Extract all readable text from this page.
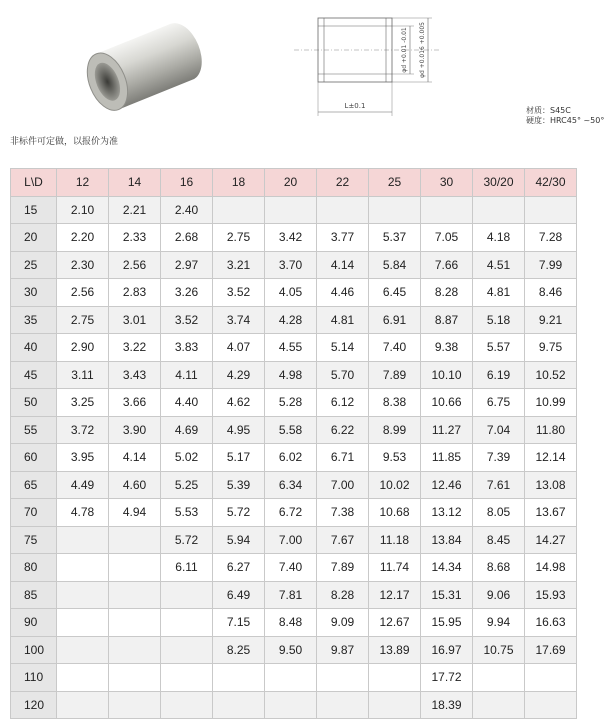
非标件可定做，以报价为准
φd +0.01 -0.01 φd +0.016 +0.005
L±0.1	材质：S45C
硬度：HRC45° ~50°
L\D	12	14	16	18	20	22	25	30	30/20	42/30
15	2.10	2.21	2.40							
20	2.20	2.33	2.68	2.75	3.42	3.77	5.37	7.05	4.18	7.28
25	2.30	2.56	2.97	3.21	3.70	4.14	5.84	7.66	4.51	7.99
30	2.56	2.83	3.26	3.52	4.05	4.46	6.45	8.28	4.81	8.46
35	2.75	3.01	3.52	3.74	4.28	4.81	6.91	8.87	5.18	9.21
40	2.90	3.22	3.83	4.07	4.55	5.14	7.40	9.38	5.57	9.75
45	3.11	3.43	4.11	4.29	4.98	5.70	7.89	10.10	6.19	10.52
50	3.25	3.66	4.40	4.62	5.28	6.12	8.38	10.66	6.75	10.99
55	3.72	3.90	4.69	4.95	5.58	6.22	8.99	11.27	7.04	11.80
60	3.95	4.14	5.02	5.17	6.02	6.71	9.53	11.85	7.39	12.14
65	4.49	4.60	5.25	5.39	6.34	7.00	10.02	12.46	7.61	13.08
70	4.78	4.94	5.53	5.72	6.72	7.38	10.68	13.12	8.05	13.67
75			5.72	5.94	7.00	7.67	11.18	13.84	8.45	14.27
80			6.11	6.27	7.40	7.89	11.74	14.34	8.68	14.98
85				6.49	7.81	8.28	12.17	15.31	9.06	15.93
90				7.15	8.48	9.09	12.67	15.95	9.94	16.63
100				8.25	9.50	9.87	13.89	16.97	10.75	17.69
110								17.72		
120								18.39		
